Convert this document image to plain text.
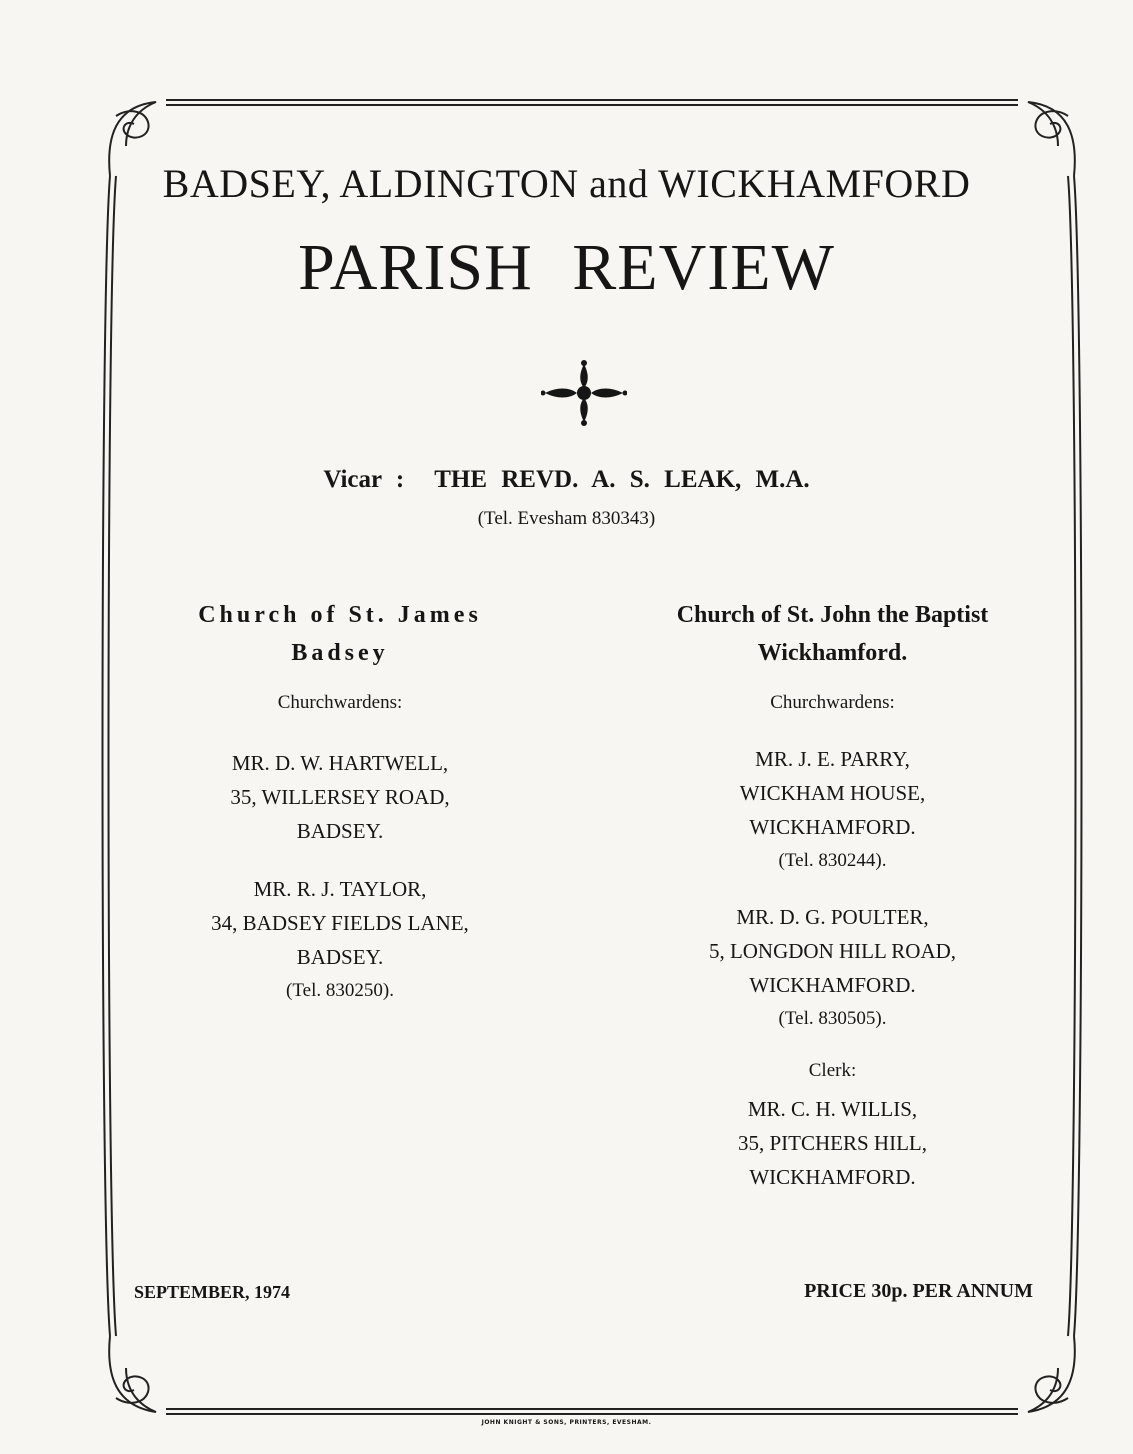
BADSEY, ALDINGTON and WICKHAMFORD
PARISH REVIEW
Vicar : THE REVD. A. S. LEAK, M.A.
(Tel. Evesham 830343)
Church of St. James
Badsey
Churchwardens:
MR. D. W. HARTWELL,
35, WILLERSEY ROAD,
BADSEY.
MR. R. J. TAYLOR,
34, BADSEY FIELDS LANE,
BADSEY.
(Tel. 830250).
Church of St. John the Baptist
Wickhamford.
Churchwardens:
MR. J. E. PARRY,
WICKHAM HOUSE,
WICKHAMFORD.
(Tel. 830244).
MR. D. G. POULTER,
5, LONGDON HILL ROAD,
WICKHAMFORD.
(Tel. 830505).
Clerk:
MR. C. H. WILLIS,
35, PITCHERS HILL,
WICKHAMFORD.
SEPTEMBER, 1974	PRICE 30p. PER ANNUM
JOHN KNIGHT & SONS, PRINTERS, EVESHAM.
